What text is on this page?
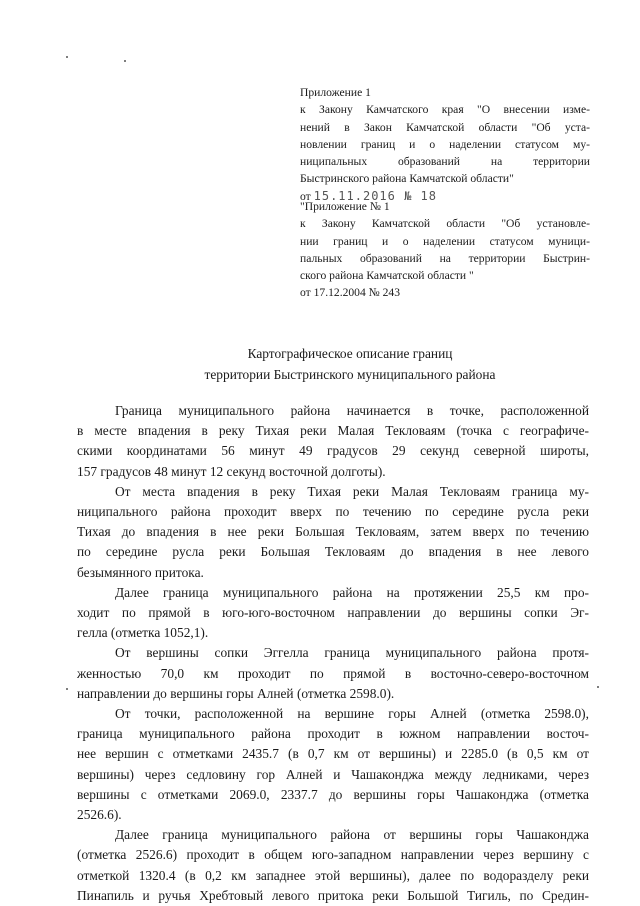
Приложение 1
к Закону Камчатского края "О внесении изме-
нений в Закон Камчатской области "Об уста-
новлении границ и о наделении статусом му-
ниципальных образований на территории
Быстринского района Камчатской области"
от 15.11.2016 № 18
"Приложение № 1
к Закону Камчатской области "Об установле-
нии границ и о наделении статусом муници-
пальных образований на территории Быстрин-
ского района Камчатской области "
от 17.12.2004 № 243
Картографическое описание границ
территории Быстринского муниципального района
Граница муниципального района начинается в точке, расположенной
в месте впадения в реку Тихая реки Малая Текловаям (точка с географиче-
скими координатами 56 минут 49 градусов 29 секунд северной широты,
157 градусов 48 минут 12 секунд восточной долготы).
От места впадения в реку Тихая реки Малая Текловаям граница му-
ниципального района проходит вверх по течению по середине русла реки
Тихая до впадения в нее реки Большая Текловаям, затем вверх по течению
по середине русла реки Большая Текловаям до впадения в нее левого
безымянного притока.
Далее граница муниципального района на протяжении 25,5 км про-
ходит по прямой в юго-юго-восточном направлении до вершины сопки Эг-
гелла (отметка 1052,1).
От вершины сопки Эггелла граница муниципального района протя-
женностью 70,0 км проходит по прямой в восточно-северо-восточном
направлении до вершины горы Алней (отметка 2598.0).
От точки, расположенной на вершине горы Алней (отметка 2598.0),
граница муниципального района проходит в южном направлении восточ-
нее вершин с отметками 2435.7 (в 0,7 км от вершины) и 2285.0 (в 0,5 км от
вершины) через седловину гор Алней и Чашаконджа между ледниками, через
вершины с отметками 2069.0, 2337.7 до вершины горы Чашаконджа (отметка
2526.6).
Далее граница муниципального района от вершины горы Чашаконджа
(отметка 2526.6) проходит в общем юго-западном направлении через вершину с
отметкой 1320.4 (в 0,2 км западнее этой вершины), далее по водоразделу реки
Пинапиль и ручья Хребтовый левого притока реки Большой Тигиль, по Средин-
